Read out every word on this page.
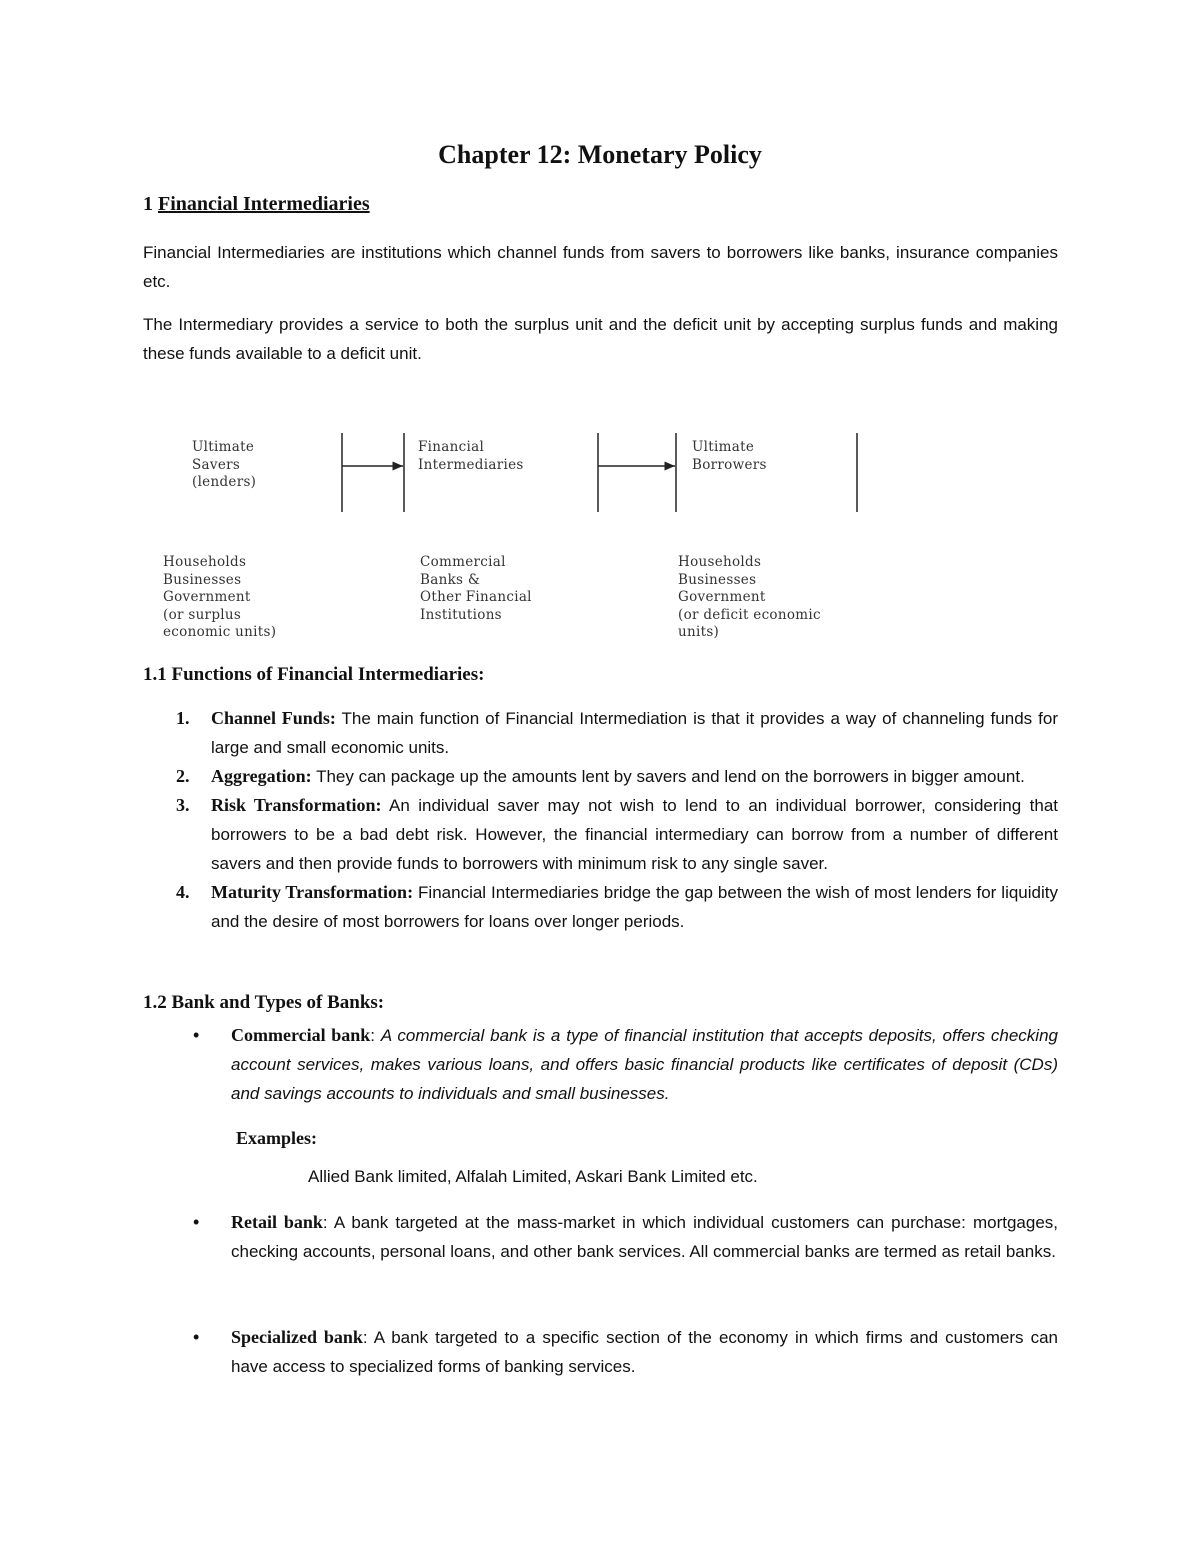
Chapter 12: Monetary Policy
1 Financial Intermediaries

Financial Intermediaries are institutions which channel funds from savers to borrowers like banks, insurance companies etc.

The Intermediary provides a service to both the surplus unit and the deficit unit by accepting surplus funds and making these funds available to a deficit unit.

Ultimate
Savers
(lenders)
Financial
Intermediaries
Ultimate
Borrowers
Households
Businesses
Government
(or surplus
economic units)
Commercial
Banks &
Other Financial
Institutions
Households
Businesses
Government
(or deficit economic
units)
1.1 Functions of Financial Intermediaries:
1. Channel Funds: The main function of Financial Intermediation is that it provides a way of channeling funds for large and small economic units.
2. Aggregation: They can package up the amounts lent by savers and lend on the borrowers in bigger amount.
3. Risk Transformation: An individual saver may not wish to lend to an individual borrower, considering that borrowers to be a bad debt risk. However, the financial intermediary can borrow from a number of different savers and then provide funds to borrowers with minimum risk to any single saver.
4. Maturity Transformation: Financial Intermediaries bridge the gap between the wish of most lenders for liquidity and the desire of most borrowers for loans over longer periods.
1.2 Bank and Types of Banks:
• Commercial bank: A commercial bank is a type of financial institution that accepts deposits, offers checking account services, makes various loans, and offers basic financial products like certificates of deposit (CDs) and savings accounts to individuals and small businesses.
Examples:
Allied Bank limited, Alfalah Limited, Askari Bank Limited etc.
• Retail bank: A bank targeted at the mass-market in which individual customers can purchase: mortgages, checking accounts, personal loans, and other bank services. All commercial banks are termed as retail banks.
• Specialized bank: A bank targeted to a specific section of the economy in which firms and customers can have access to specialized forms of banking services.
